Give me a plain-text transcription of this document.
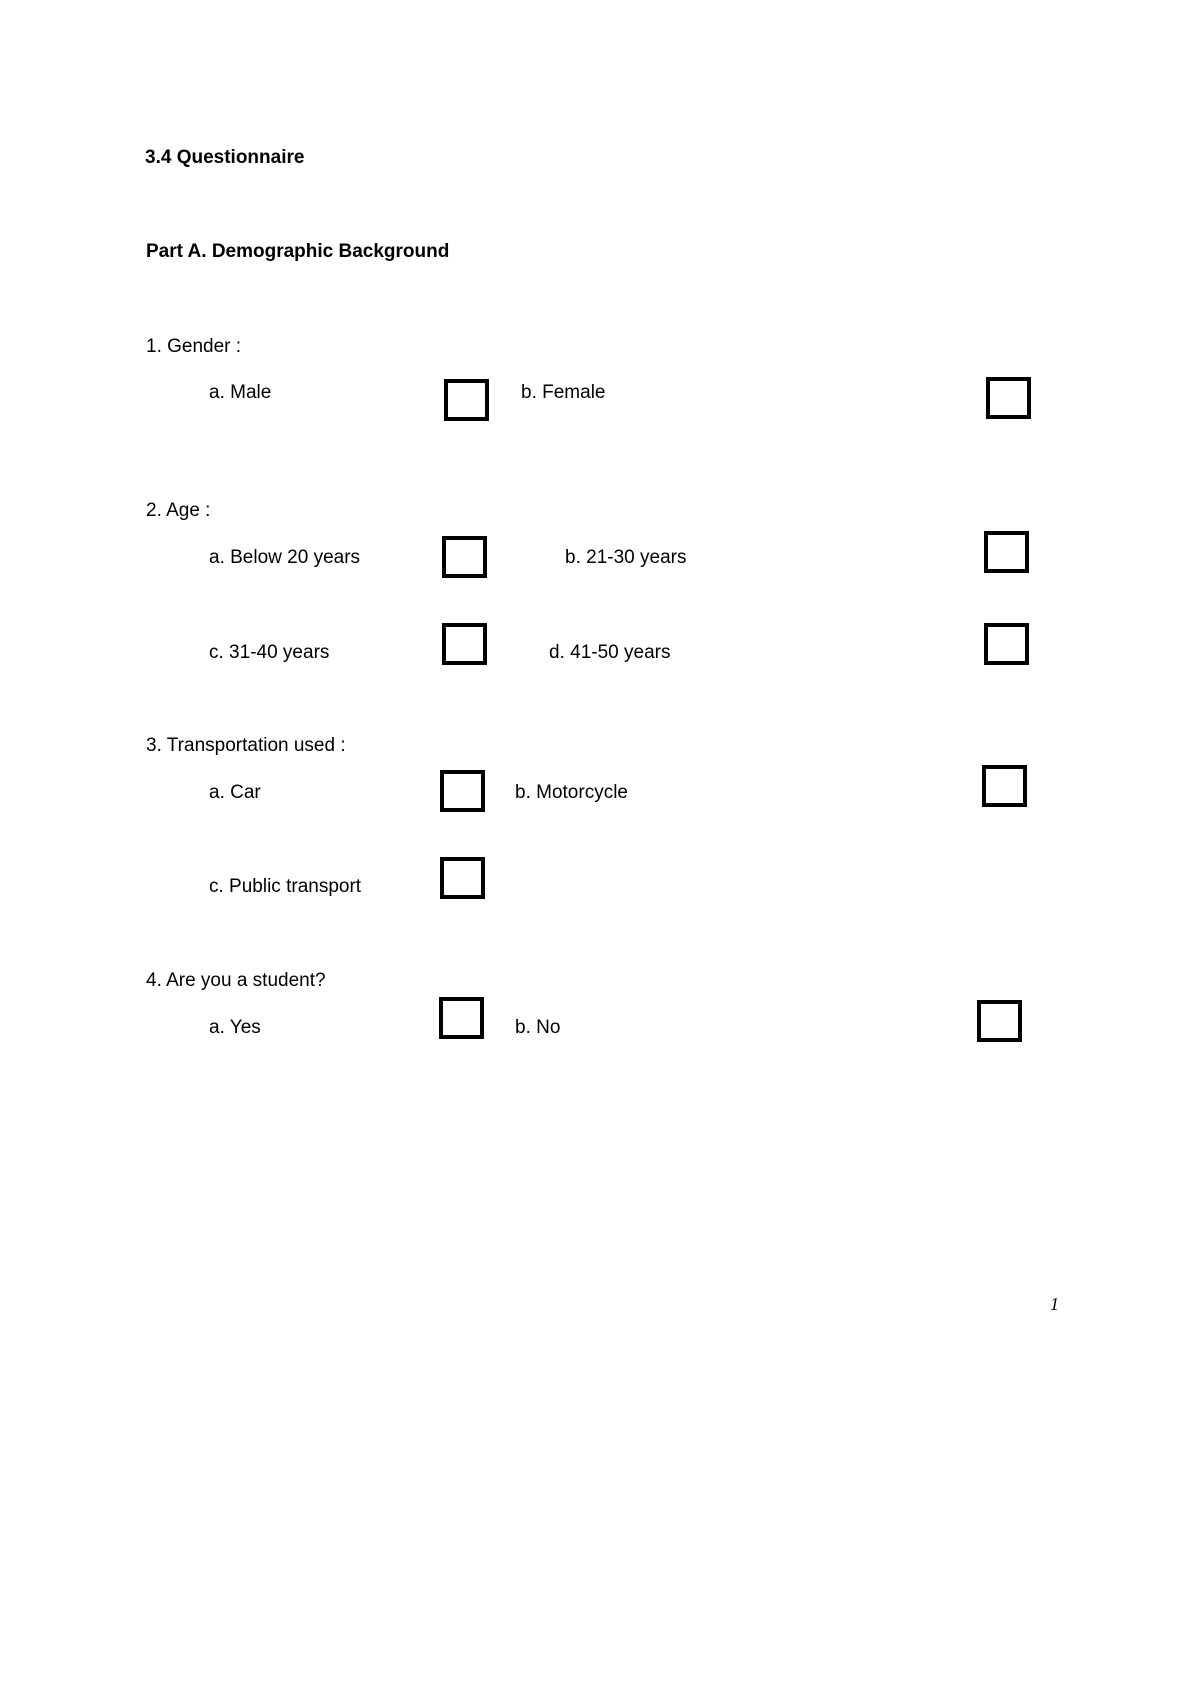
3.4 Questionnaire
Part A. Demographic Background
1. Gender :
a. Male	b. Female
2. Age :
a. Below 20 years	b. 21-30 years
c. 31-40 years	d. 41-50 years
3. Transportation used :
a. Car	b. Motorcycle
c. Public transport
4. Are you a student?
a. Yes	b. No
1
